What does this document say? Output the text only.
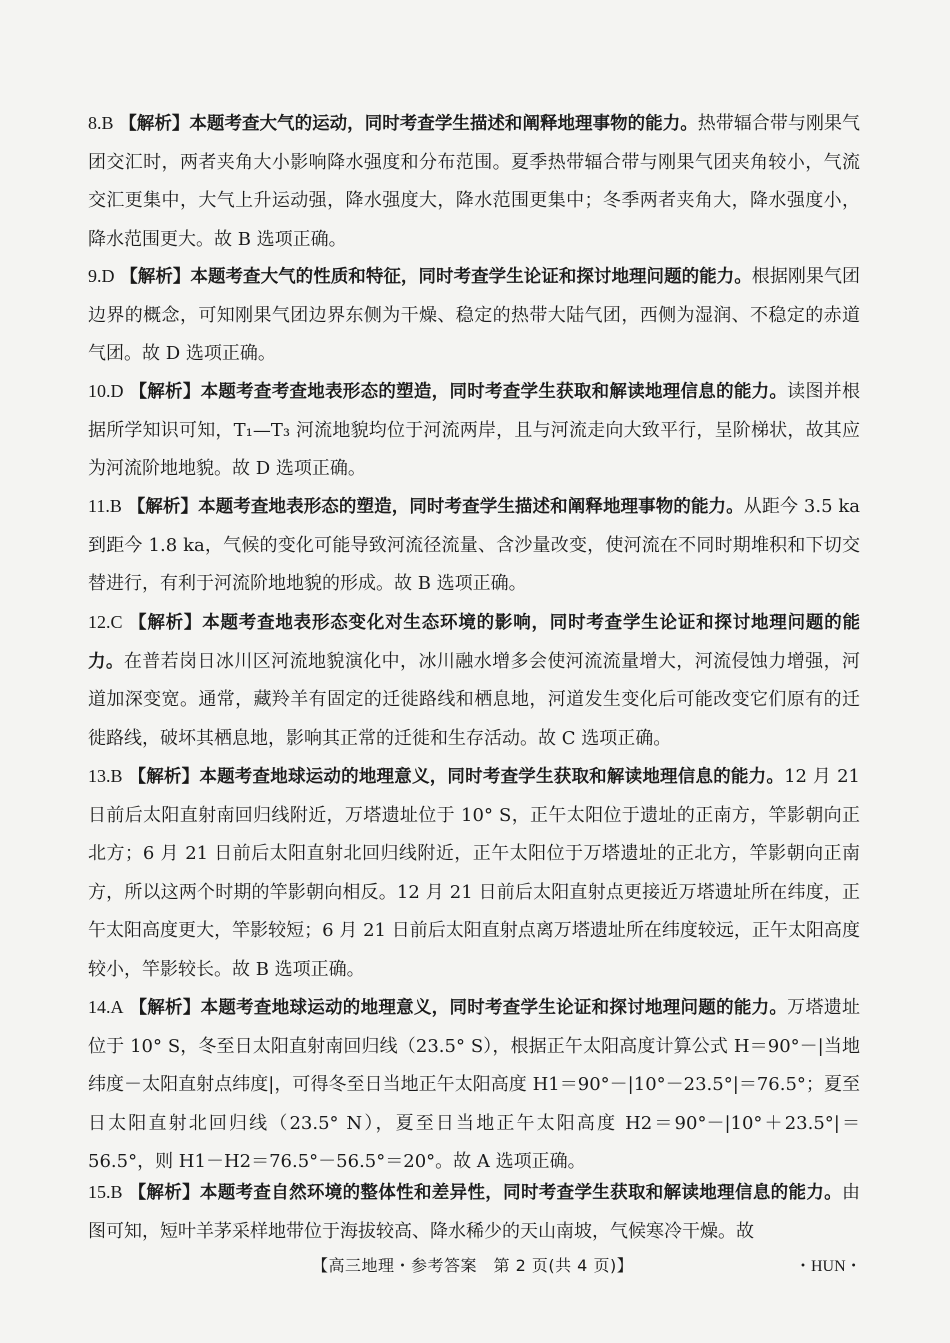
8.B 【解析】本题考查大气的运动，同时考查学生描述和阐释地理事物的能力。热带辐合带与刚果气团交汇时，两者夹角大小影响降水强度和分布范围。夏季热带辐合带与刚果气团夹角较小，气流交汇更集中，大气上升运动强，降水强度大，降水范围更集中；冬季两者夹角大，降水强度小，降水范围更大。故 B 选项正确。
9.D 【解析】本题考查大气的性质和特征，同时考查学生论证和探讨地理问题的能力。根据刚果气团边界的概念，可知刚果气团边界东侧为干燥、稳定的热带大陆气团，西侧为湿润、不稳定的赤道气团。故 D 选项正确。
10.D 【解析】本题考查考查地表形态的塑造，同时考查学生获取和解读地理信息的能力。读图并根据所学知识可知，T₁—T₃ 河流地貌均位于河流两岸，且与河流走向大致平行，呈阶梯状，故其应为河流阶地地貌。故 D 选项正确。
11.B 【解析】本题考查地表形态的塑造，同时考查学生描述和阐释地理事物的能力。从距今 3.5 ka 到距今 1.8 ka，气候的变化可能导致河流径流量、含沙量改变，使河流在不同时期堆积和下切交替进行，有利于河流阶地地貌的形成。故 B 选项正确。
12.C 【解析】本题考查地表形态变化对生态环境的影响，同时考查学生论证和探讨地理问题的能力。在普若岗日冰川区河流地貌演化中，冰川融水增多会使河流流量增大，河流侵蚀力增强，河道加深变宽。通常，藏羚羊有固定的迁徙路线和栖息地，河道发生变化后可能改变它们原有的迁徙路线，破坏其栖息地，影响其正常的迁徙和生存活动。故 C 选项正确。
13.B 【解析】本题考查地球运动的地理意义，同时考查学生获取和解读地理信息的能力。12 月 21 日前后太阳直射南回归线附近，万塔遗址位于 10° S，正午太阳位于遗址的正南方，竿影朝向正北方；6 月 21 日前后太阳直射北回归线附近，正午太阳位于万塔遗址的正北方，竿影朝向正南方，所以这两个时期的竿影朝向相反。12 月 21 日前后太阳直射点更接近万塔遗址所在纬度，正午太阳高度更大，竿影较短；6 月 21 日前后太阳直射点离万塔遗址所在纬度较远，正午太阳高度较小，竿影较长。故 B 选项正确。
14.A 【解析】本题考查地球运动的地理意义，同时考查学生论证和探讨地理问题的能力。万塔遗址位于 10° S，冬至日太阳直射南回归线（23.5° S），根据正午太阳高度计算公式 H＝90°－|当地纬度－太阳直射点纬度|，可得冬至日当地正午太阳高度 H1＝90°－|10°－23.5°|＝76.5°；夏至日太阳直射北回归线（23.5° N），夏至日当地正午太阳高度 H2＝90°－|10°＋23.5°|＝56.5°，则 H1－H2＝76.5°－56.5°＝20°。故 A 选项正确。
15.B 【解析】本题考查自然环境的整体性和差异性，同时考查学生获取和解读地理信息的能力。由图可知，短叶羊茅采样地带位于海拔较高、降水稀少的天山南坡，气候寒冷干燥。故
【高三地理・参考答案　第 2 页(共 4 页)】	・HUN・
